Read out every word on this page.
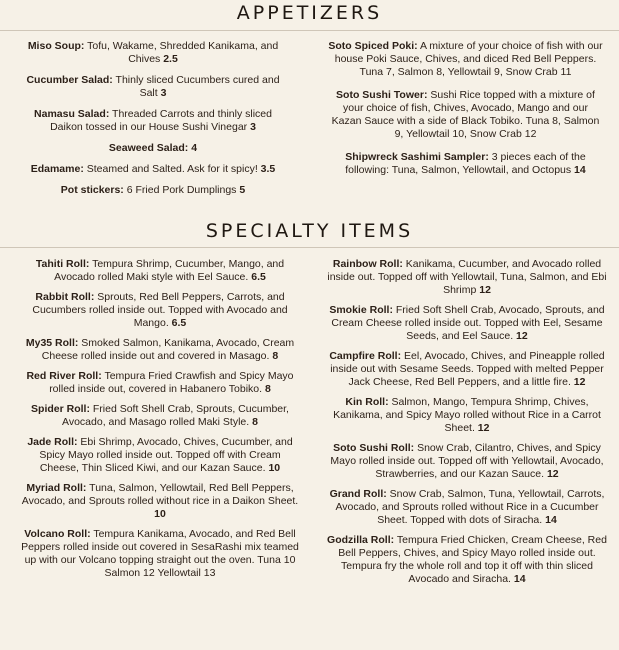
APPETIZERS
Miso Soup: Tofu, Wakame, Shredded Kanikama, and Chives 2.5
Cucumber Salad: Thinly sliced Cucumbers cured and Salt 3
Namasu Salad: Threaded Carrots and thinly sliced Daikon tossed in our House Sushi Vinegar 3
Seaweed Salad: 4
Edamame: Steamed and Salted. Ask for it spicy! 3.5
Pot stickers: 6 Fried Pork Dumplings 5
Soto Spiced Poki: A mixture of your choice of fish with our house Poki Sauce, Chives, and diced Red Bell Peppers. Tuna 7, Salmon 8, Yellowtail 9, Snow Crab 11
Soto Sushi Tower: Sushi Rice topped with a mixture of your choice of fish, Chives, Avocado, Mango and our Kazan Sauce with a side of Black Tobiko. Tuna 8, Salmon 9, Yellowtail 10, Snow Crab 12
Shipwreck Sashimi Sampler: 3 pieces each of the following: Tuna, Salmon, Yellowtail, and Octopus 14
SPECIALTY ITEMS
Tahiti Roll: Tempura Shrimp, Cucumber, Mango, and Avocado rolled Maki style with Eel Sauce. 6.5
Rabbit Roll: Sprouts, Red Bell Peppers, Carrots, and Cucumbers rolled inside out. Topped with Avocado and Mango. 6.5
My35 Roll: Smoked Salmon, Kanikama, Avocado, Cream Cheese rolled inside out and covered in Masago. 8
Red River Roll: Tempura Fried Crawfish and Spicy Mayo rolled inside out, covered in Habanero Tobiko. 8
Spider Roll: Fried Soft Shell Crab, Sprouts, Cucumber, Avocado, and Masago rolled Maki Style. 8
Jade Roll: Ebi Shrimp, Avocado, Chives, Cucumber, and Spicy Mayo rolled inside out. Topped off with Cream Cheese, Thin Sliced Kiwi, and our Kazan Sauce. 10
Myriad Roll: Tuna, Salmon, Yellowtail, Red Bell Peppers, Avocado, and Sprouts rolled without rice in a Daikon Sheet. 10
Volcano Roll: Tempura Kanikama, Avocado, and Red Bell Peppers rolled inside out covered in SesaRashi mix teamed up with our Volcano topping straight out the oven. Tuna 10 Salmon 12 Yellowtail 13
Rainbow Roll: Kanikama, Cucumber, and Avocado rolled inside out. Topped off with Yellowtail, Tuna, Salmon, and Ebi Shrimp 12
Smokie Roll: Fried Soft Shell Crab, Avocado, Sprouts, and Cream Cheese rolled inside out. Topped with Eel, Sesame Seeds, and Eel Sauce. 12
Campfire Roll: Eel, Avocado, Chives, and Pineapple rolled inside out with Sesame Seeds. Topped with melted Pepper Jack Cheese, Red Bell Peppers, and a little fire. 12
Kin Roll: Salmon, Mango, Tempura Shrimp, Chives, Kanikama, and Spicy Mayo rolled without Rice in a Carrot Sheet. 12
Soto Sushi Roll: Snow Crab, Cilantro, Chives, and Spicy Mayo rolled inside out. Topped off with Yellowtail, Avocado, Strawberries, and our Kazan Sauce. 12
Grand Roll: Snow Crab, Salmon, Tuna, Yellowtail, Carrots, Avocado, and Sprouts rolled without Rice in a Cucumber Sheet. Topped with dots of Siracha. 14
Godzilla Roll: Tempura Fried Chicken, Cream Cheese, Red Bell Peppers, Chives, and Spicy Mayo rolled inside out. Tempura fry the whole roll and top it off with thin sliced Avocado and Siracha. 14
